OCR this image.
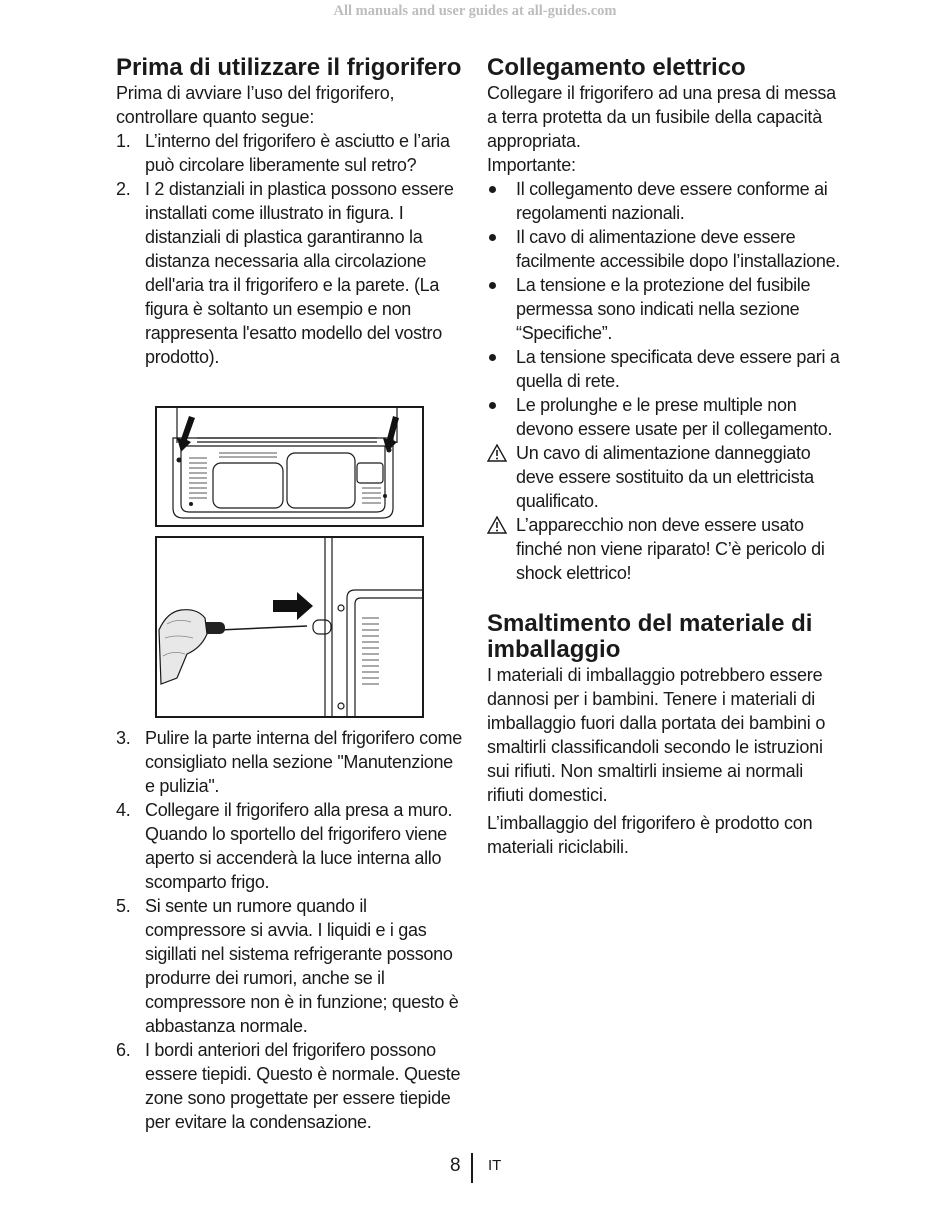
All manuals and user guides at all-guides.com
Prima di utilizzare il frigorifero

Prima di avviare l’uso del frigorifero, controllare quanto segue:

1. L’interno del frigorifero è asciutto e l’aria può circolare liberamente sul retro?
2. I 2 distanziali in plastica possono essere installati come illustrato in figura. I distanziali di plastica garantiranno la distanza necessaria alla circolazione dell'aria tra il frigorifero e la parete. (La figura è soltanto un esempio e non rappresenta l'esatto modello del vostro prodotto).
3. Pulire la parte interna del frigorifero come consigliato nella sezione "Manutenzione e pulizia".
4. Collegare il frigorifero alla presa a muro. Quando lo sportello del frigorifero viene aperto si accenderà la luce interna allo scomparto frigo.
5. Si sente un rumore quando il compressore si avvia. I liquidi e i gas sigillati nel sistema refrigerante possono produrre dei rumori, anche se il compressore non è in funzione; questo è abbastanza normale.
6. I bordi anteriori del frigorifero possono essere tiepidi. Questo è normale. Queste zone sono progettate per essere tiepide per evitare la condensazione.
Collegamento elettrico

Collegare il frigorifero ad una presa di messa a terra protetta da un fusibile della capacità appropriata.

Importante:

Il collegamento deve essere conforme ai regolamenti nazionali.
Il cavo di alimentazione deve essere facilmente accessibile dopo l’installazione.
La tensione e la protezione del fusibile permessa sono indicati nella sezione “Specifiche”.
La tensione specificata deve essere pari a quella di rete.
Le prolunghe e le prese multiple non devono essere usate per il collegamento.
Un cavo di alimentazione danneggiato deve essere sostituito da un elettricista qualificato.
L’apparecchio non deve essere usato finché non viene riparato! C’è pericolo di shock elettrico!
Smaltimento del materiale di imballaggio

I materiali di imballaggio potrebbero essere dannosi per i bambini. Tenere i materiali di imballaggio fuori dalla portata dei bambini o smaltirli classificandoli secondo le istruzioni sui rifiuti. Non smaltirli insieme ai normali rifiuti domestici.

L’imballaggio del frigorifero è prodotto con materiali riciclabili.

8 IT
